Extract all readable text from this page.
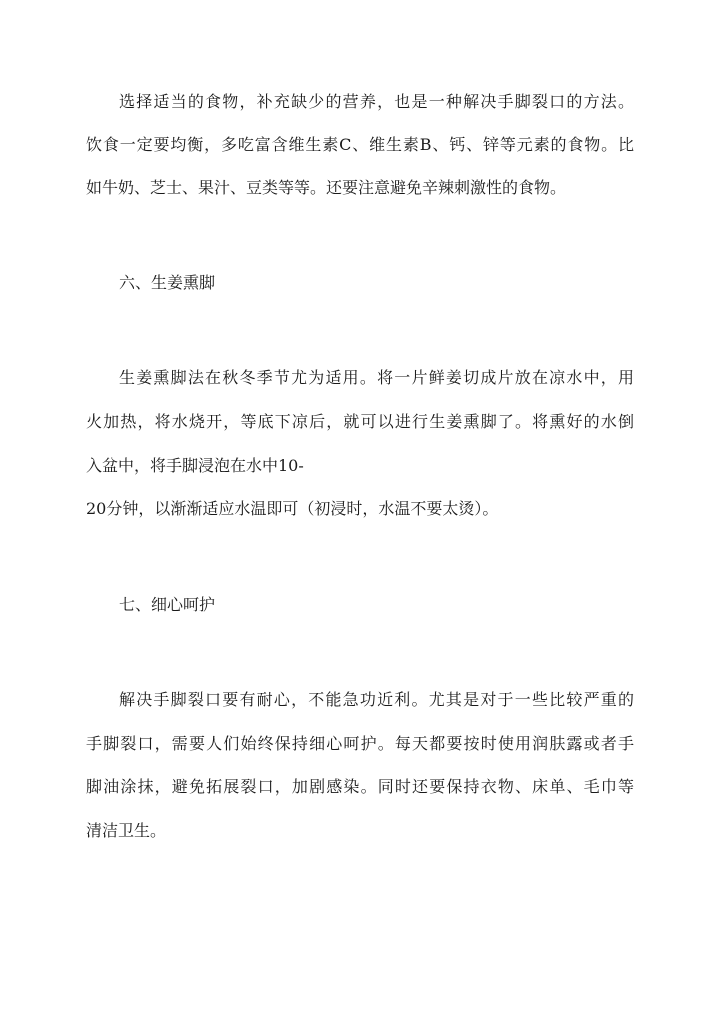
选择适当的食物，补充缺少的营养，也是一种解决手脚裂口的方法。
饮食一定要均衡，多吃富含维生素C、维生素B、钙、锌等元素的食物。比
如牛奶、芝士、果汁、豆类等等。还要注意避免辛辣刺激性的食物。
六、生姜熏脚
生姜熏脚法在秋冬季节尤为适用。将一片鲜姜切成片放在凉水中，用
火加热，将水烧开，等底下凉后，就可以进行生姜熏脚了。将熏好的水倒
入盆中，将手脚浸泡在水中10-
20分钟，以渐渐适应水温即可（初浸时，水温不要太烫）。
七、细心呵护
解决手脚裂口要有耐心，不能急功近利。尤其是对于一些比较严重的
手脚裂口，需要人们始终保持细心呵护。每天都要按时使用润肤露或者手
脚油涂抹，避免拓展裂口，加剧感染。同时还要保持衣物、床单、毛巾等
清洁卫生。
